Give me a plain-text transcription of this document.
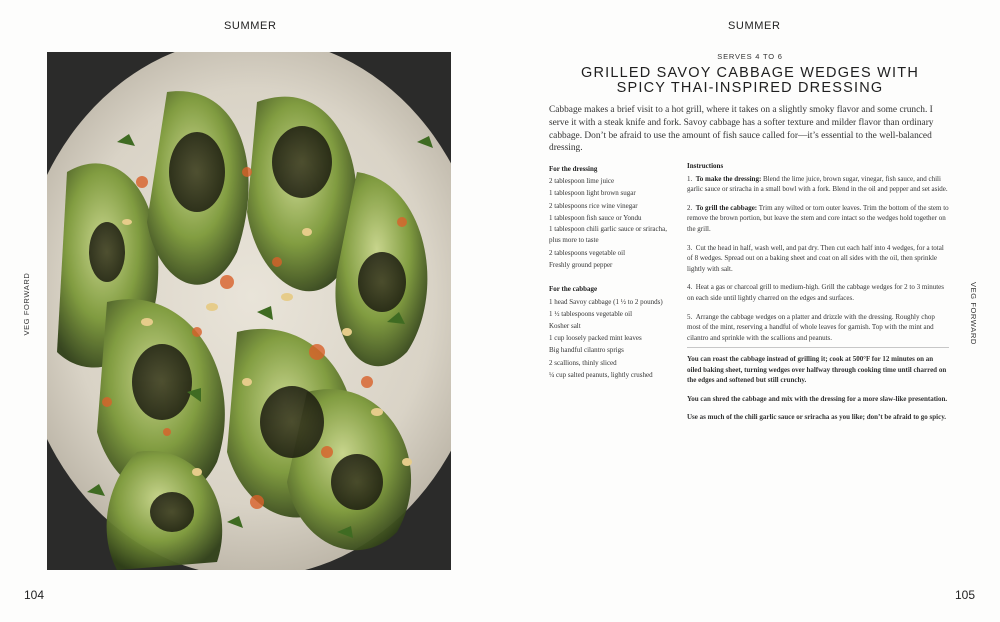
SUMMER
VEG FORWARD
104
SUMMER
SERVES 4 TO 6
GRILLED SAVOY CABBAGE WEDGES WITH
SPICY THAI-INSPIRED DRESSING

Cabbage makes a brief visit to a hot grill, where it takes on a slightly smoky flavor and some crunch. I serve it with a steak knife and fork. Savoy cabbage has a softer texture and milder flavor than ordinary cabbage. Don’t be afraid to use the amount of fish sauce called for—it’s essential to the well-balanced dressing.

For the dressing
2 tablespoon lime juice
1 tablespoon light brown sugar
2 tablespoons rice wine vinegar
1 tablespoon fish sauce or Yondu
1 tablespoon chili garlic sauce or sriracha, plus more to taste
2 tablespoons vegetable oil
Freshly ground pepper
For the cabbage
1 head Savoy cabbage (1 ½ to 2 pounds)
1 ½ tablespoons vegetable oil
Kosher salt
1 cup loosely packed mint leaves
Big handful cilantro sprigs
2 scallions, thinly sliced
¼ cup salted peanuts, lightly crushed
Instructions

1. To make the dressing: Blend the lime juice, brown sugar, vinegar, fish sauce, and chili garlic sauce or sriracha in a small bowl with a fork. Blend in the oil and pepper and set aside.

2. To grill the cabbage: Trim any wilted or torn outer leaves. Trim the bottom of the stem to remove the brown portion, but leave the stem and core intact so the wedges hold together on the grill.

3. Cut the head in half, wash well, and pat dry. Then cut each half into 4 wedges, for a total of 8 wedges. Spread out on a baking sheet and coat on all sides with the oil, then sprinkle lightly with salt.

4. Heat a gas or charcoal grill to medium-high. Grill the cabbage wedges for 2 to 3 minutes on each side until lightly charred on the edges and surfaces.

5. Arrange the cabbage wedges on a platter and drizzle with the dressing. Roughly chop most of the mint, reserving a handful of whole leaves for garnish. Top with the mint and cilantro and sprinkle with the scallions and peanuts.

You can roast the cabbage instead of grilling it; cook at 500°F for 12 minutes on an oiled baking sheet, turning wedges over halfway through cooking time until charred on the edges and softened but still crunchy.

You can shred the cabbage and mix with the dressing for a more slaw-like presentation.

Use as much of the chili garlic sauce or sriracha as you like; don’t be afraid to go spicy.

105
VEG FORWARD
